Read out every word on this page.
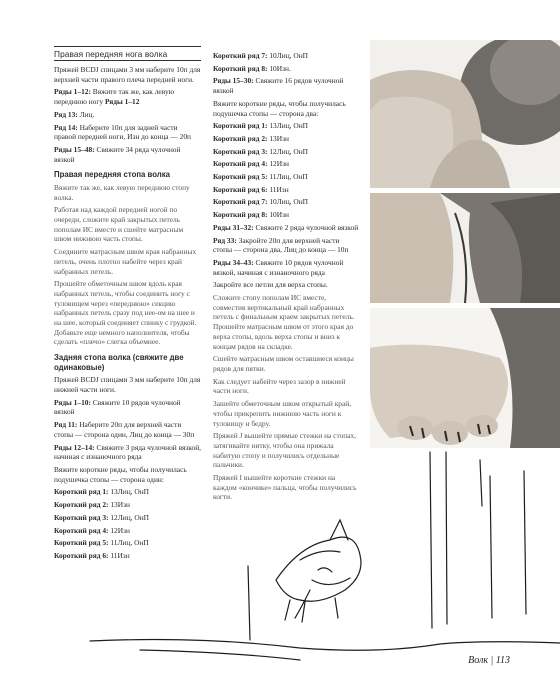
Правая передняя нога волка

Пряжей BCDJ спицами 3 мм наберите 10п для верхней части правого плеча передней ноги.

Ряды 1–12: Вяжите так же, как левую переднюю ногу Ряды 1–12

Ряд 13: Лиц.

Ряд 14: Наберите 10п для задней части правой передней ноги, Изн до конца — 20п

Ряды 15–48: Свяжите 34 ряда чулочной вязкой

Правая передняя стопа волка

Вяжите так же, как левую переднюю стопу волка.

Работая над каждой передней ногой по очереди, сложите край закрытых петель пополам ИС вместе и сшейте матрасным швом нижнюю часть стопы.

Соедините матрасным швом края набранных петель, очень плотно набейте через край набранных петель.

Прошейте обметочным швом вдоль края набранных петель, чтобы соединить ногу с туловищем через «переднюю» секцию набранных петель сразу под нее-ом на шее и на шее, который соединяет спинку с грудкой. Добавьте еще немного наполнителя, чтобы сделать «плечо» слегка объемнее.

Задняя стопа волка (свяжите две одинаковые)

Пряжей BCDJ спицами 3 мм наберите 10п для нижней части ноги.

Ряды 1–10: Свяжите 10 рядов чулочной вязкой

Ряд 11: Наберите 20п для верхней части стопы — сторона один, Лиц до конца — 30п

Ряды 12–14: Свяжите 3 ряда чулочной вязкой, начиная с изнаночного ряда

Вяжите короткие ряды, чтобы получилась подушечка стопы — сторона один:

Короткий ряд 1: 13Лиц, ОнП

Короткий ряд 2: 13Изн

Короткий ряд 3: 12Лиц, ОнП

Короткий ряд 4: 12Изн

Короткий ряд 5: 11Лиц, ОнП

Короткий ряд 6: 11Изн

Короткий ряд 7: 10Лиц, ОнП

Короткий ряд 8: 10Изн.

Ряды 15–30: Свяжите 16 рядов чулочной вязкой

Вяжите короткие ряды, чтобы получилась подушечка стопы — сторона два:

Короткий ряд 1: 13Лиц, ОнП

Короткий ряд 2: 13Изн

Короткий ряд 3: 12Лиц, ОнП

Короткий ряд 4: 12Изн

Короткий ряд 5: 11Лиц, ОнП

Короткий ряд 6: 11Изн

Короткий ряд 7: 10Лиц, ОнП

Короткий ряд 8: 10Изн

Ряды 31–32: Свяжите 2 ряда чулочной вязкой

Ряд 33: Закройте 20п для верхней части стопы — сторона два, Лиц до конца — 10п

Ряды 34–43: Свяжите 10 рядов чулочной вязкой, начиная с изнаночного ряда

Закройте все петли для верха стопы.

Сложите стопу пополам ИС вместе, совместив вертикальный край набранных петель с финальным краем закрытых петель. Прошейте матрасным швом от этого края до верха стопы, вдоль верха стопы и вниз к концам рядов на складке.

Сшейте матрасным швом оставшиеся концы рядов для пятки.

Как следует набейте через зазор в нижней части ноги.

Зашейте обметочным швом открытый край, чтобы прикрепить нижнюю часть ноги к туловищу и бедру.

Пряжей J вышейте прямые стежки на стопах, затягивайте нитку, чтобы она прижала набитую стопу и получились отдельные пальчики.

Пряжей I вышейте короткие стежки на каждом «кончике» пальца, чтобы получились когти.

Волк | 113
